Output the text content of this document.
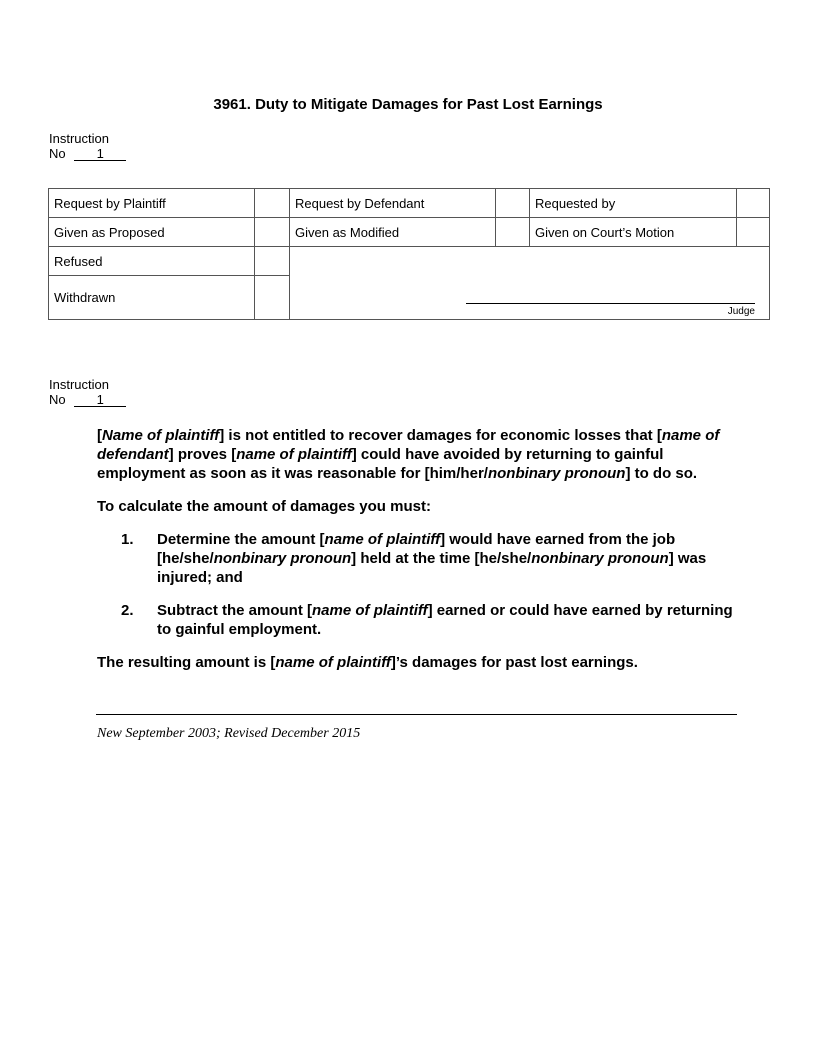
3961. Duty to Mitigate Damages for Past Lost Earnings
Instruction
No 1
Request by Plaintiff		Request by Defendant		Requested by	
Given as Proposed		Given as Modified		Given on Court’s Motion	
Refused		Judge			

Withdrawn					
Instruction
No 1

[Name of plaintiff] is not entitled to recover damages for economic losses that [name of defendant] proves [name of plaintiff] could have avoided by returning to gainful employment as soon as it was reasonable for [him/her/nonbinary pronoun] to do so.

To calculate the amount of damages you must:

1. Determine the amount [name of plaintiff] would have earned from the job [he/she/nonbinary pronoun] held at the time [he/she/nonbinary pronoun] was injured; and
2. Subtract the amount [name of plaintiff] earned or could have earned by returning to gainful employment.

The resulting amount is [name of plaintiff]’s damages for past lost earnings.

New September 2003; Revised December 2015
